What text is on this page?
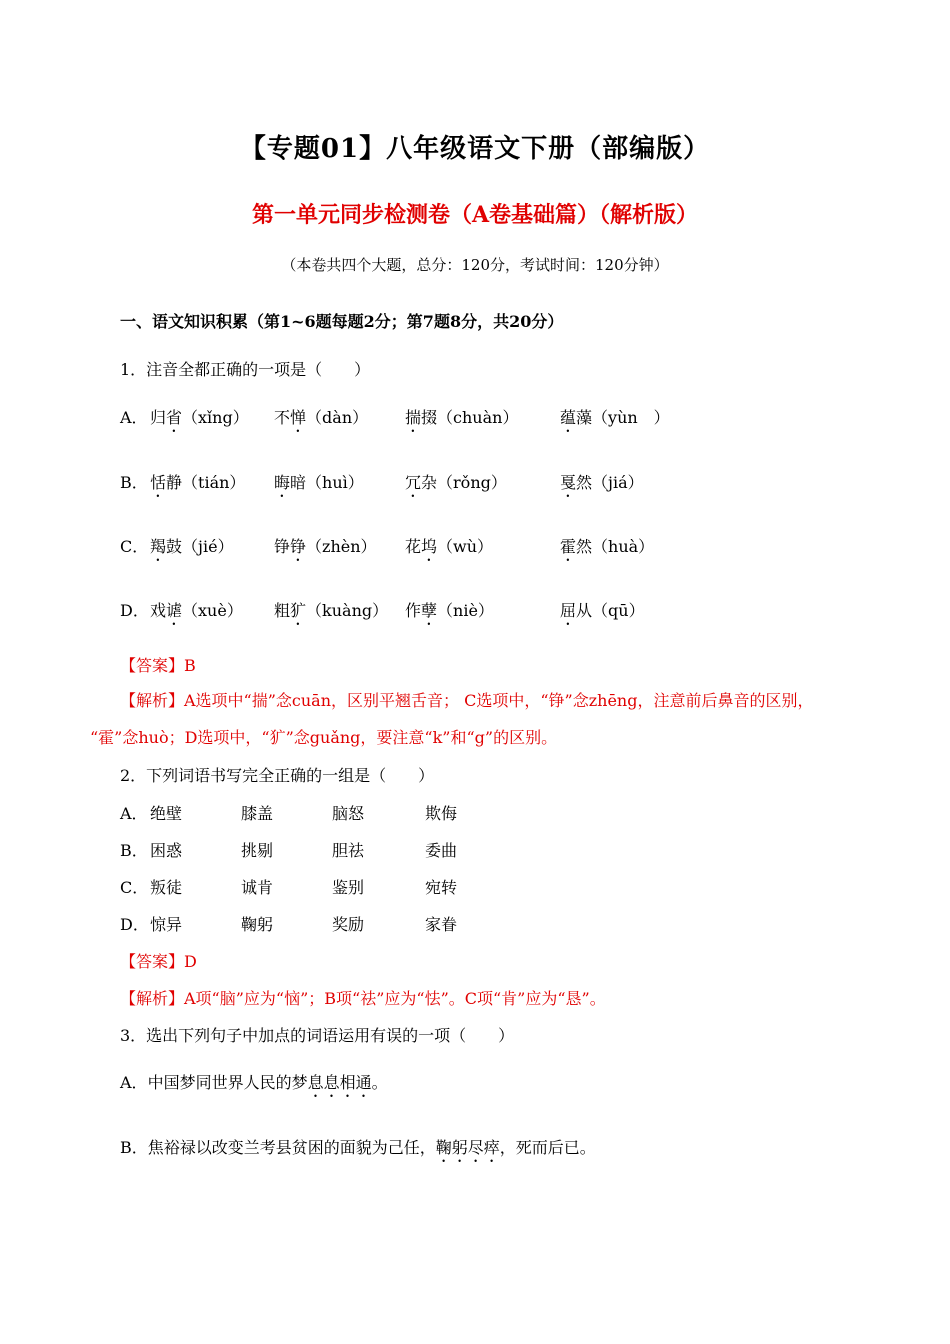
【专题01】八年级语文下册（部编版）
第一单元同步检测卷（A卷基础篇）（解析版）
（本卷共四个大题，总分：120分，考试时间：120分钟）
一、语文知识积累（第1~6题每题2分；第7题8分，共20分）
1．注音全都正确的一项是（　　）
A． 归省（xǐng） 不惮（dàn） 揣掇（chuàn）	蕴藻（yùn　）
B． 恬静（tián） 晦暗（huì）	冗杂（rǒng）	戛然（jiá）
C． 羯鼓（jié）	铮铮（zhèn） 花坞（wù）	霍然（huà）
D． 戏谑（xuè） 粗犷（kuàng） 作孽（niè）	屈从（qū）
【答案】B
【解析】A选项中“揣”念cuān，区别平翘舌音； C选项中，“铮”念zhēng，注意前后鼻音的区别，
“霍”念huò；D选项中，“犷”念guǎng，要注意“k”和“g”的区别。
2．下列词语书写完全正确的一组是（　　）
A． 绝壁	膝盖	脑怒	欺侮
B． 困惑	挑剔	胆祛	委曲
C． 叛徒	诚肯	鉴别	宛转
D． 惊异	鞠躬	奖励	家眷
【答案】D
【解析】A项“脑”应为“恼”；B项“祛”应为“怯”。C项“肯”应为“恳”。
3．选出下列句子中加点的词语运用有误的一项（　　）
A．中国梦同世界人民的梦息息相通。
B．焦裕禄以改变兰考县贫困的面貌为己任，鞠躬尽瘁，死而后已。
